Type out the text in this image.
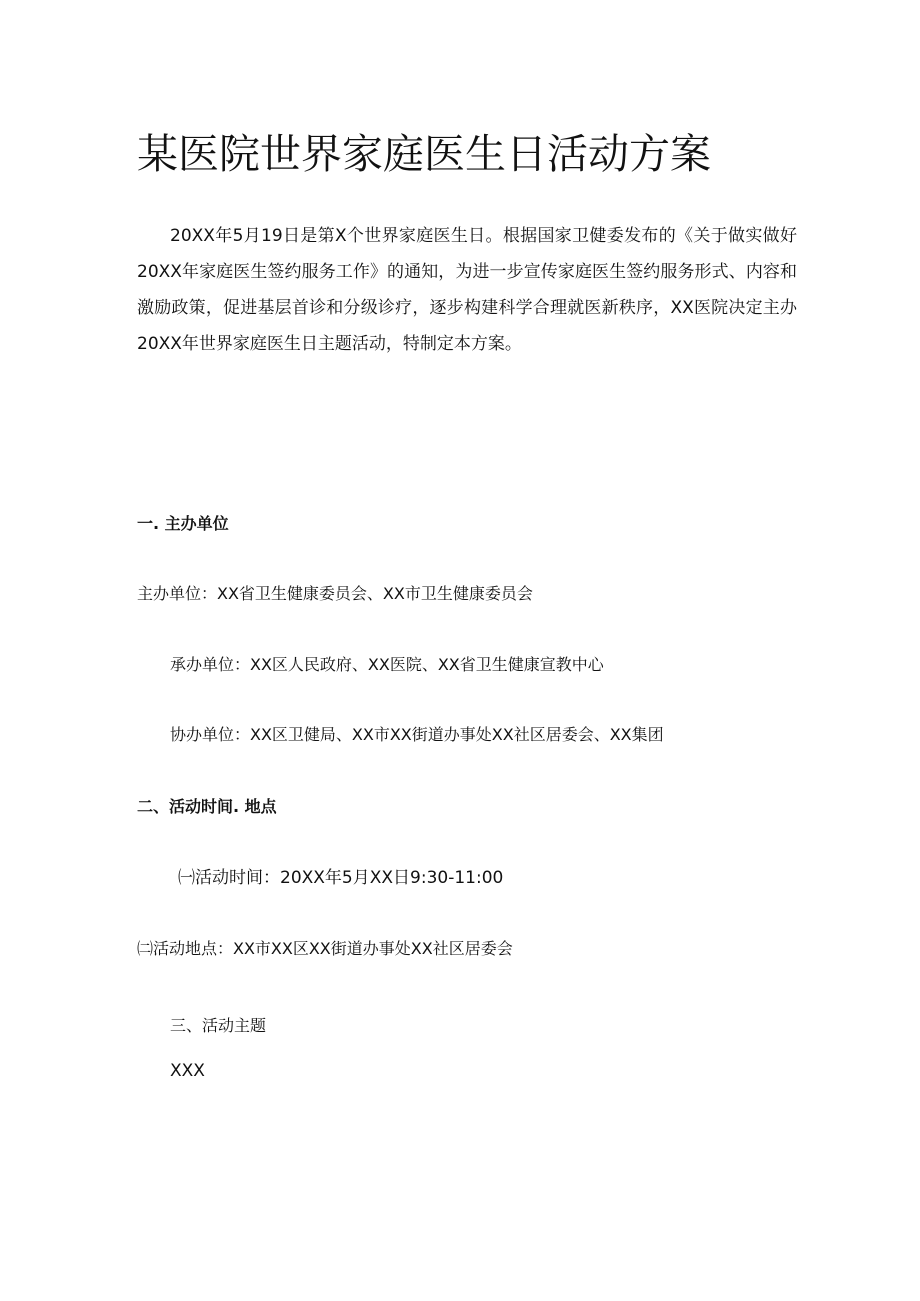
某医院世界家庭医生日活动方案
20XX年5月19日是第X个世界家庭医生日。根据国家卫健委发布的《关于做实做好20XX年家庭医生签约服务工作》的通知，为进一步宣传家庭医生签约服务形式、内容和激励政策，促进基层首诊和分级诊疗，逐步构建科学合理就医新秩序，XX医院决定主办20XX年世界家庭医生日主题活动，特制定本方案。
一. 主办单位
主办单位：XX省卫生健康委员会、XX市卫生健康委员会
承办单位：XX区人民政府、XX医院、XX省卫生健康宣教中心
协办单位：XX区卫健局、XX市XX街道办事处XX社区居委会、XX集团
二、活动时间. 地点
㈠活动时间：20XX年5月XX日9:30-11:00
㈡活动地点：XX市XX区XX街道办事处XX社区居委会
三、活动主题
XXX
